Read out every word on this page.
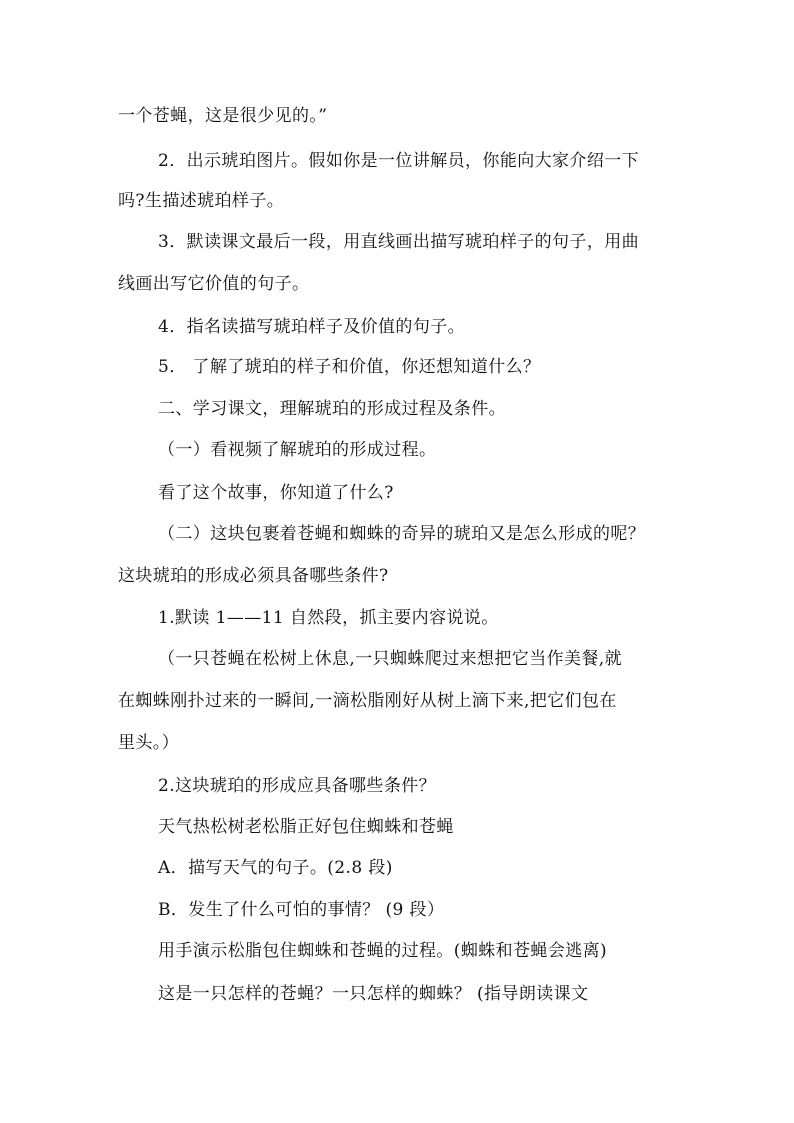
一个苍蝇，这是很少见的。”
2．出示琥珀图片。假如你是一位讲解员，你能向大家介绍一下
吗?生描述琥珀样子。
3．默读课文最后一段，用直线画出描写琥珀样子的句子，用曲
线画出写它价值的句子。
4．指名读描写琥珀样子及价值的句子。
5． 了解了琥珀的样子和价值，你还想知道什么？
二、学习课文，理解琥珀的形成过程及条件。
（一）看视频了解琥珀的形成过程。
看了这个故事，你知道了什么?
（二）这块包裹着苍蝇和蜘蛛的奇异的琥珀又是怎么形成的呢？
这块琥珀的形成必须具备哪些条件?
1.默读 1——11 自然段，抓主要内容说说。
（一只苍蝇在松树上休息,一只蜘蛛爬过来想把它当作美餐,就
在蜘蛛刚扑过来的一瞬间,一滴松脂刚好从树上滴下来,把它们包在
里头。）
2.这块琥珀的形成应具备哪些条件？
天气热松树老松脂正好包住蜘蛛和苍蝇
A．描写天气的句子。(2.8 段)
B．发生了什么可怕的事情？ (9 段）
用手演示松脂包住蜘蛛和苍蝇的过程。(蜘蛛和苍蝇会逃离)
这是一只怎样的苍蝇？一只怎样的蜘蛛？ (指导朗读课文
